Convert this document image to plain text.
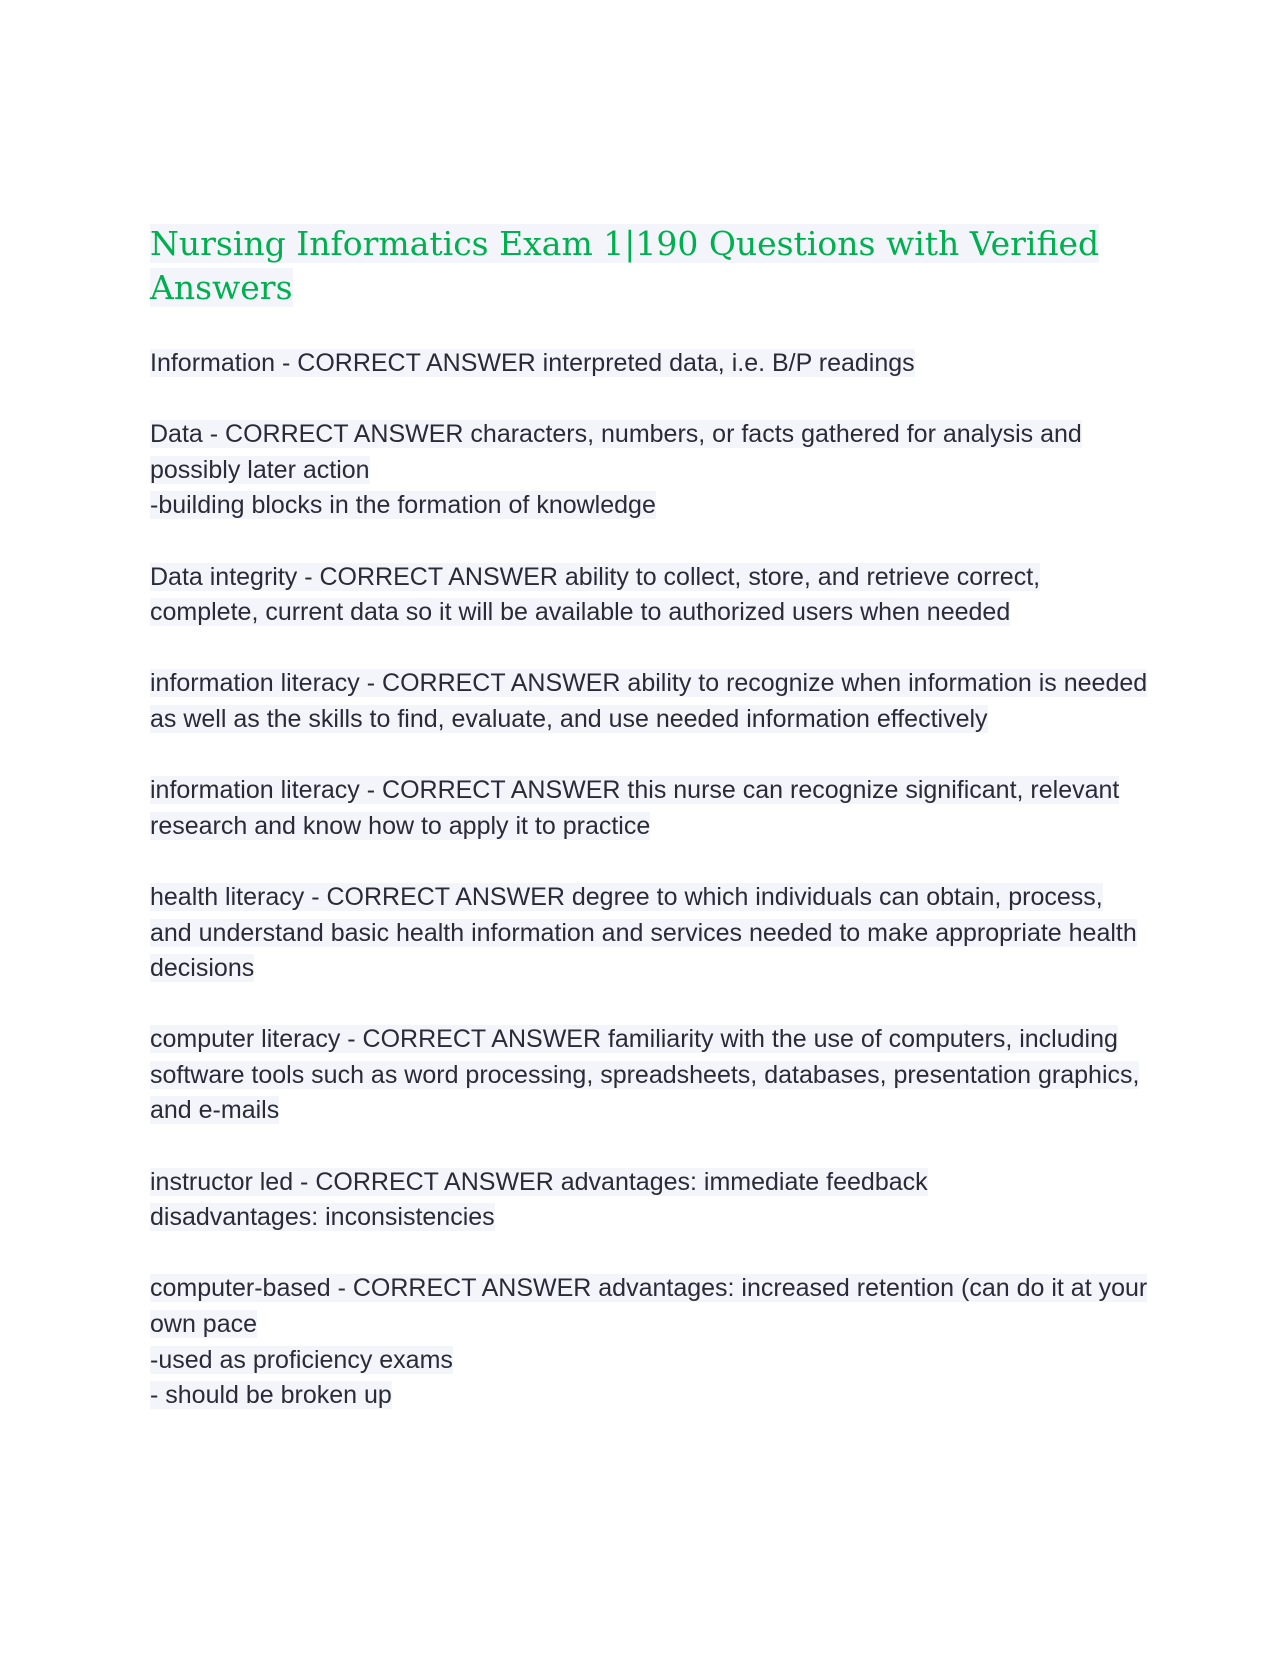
Nursing Informatics Exam 1|190 Questions with Verified Answers
Information - CORRECT ANSWER interpreted data, i.e. B/P readings
Data - CORRECT ANSWER characters, numbers, or facts gathered for analysis and possibly later action
-building blocks in the formation of knowledge
Data integrity - CORRECT ANSWER ability to collect, store, and retrieve correct, complete, current data so it will be available to authorized users when needed
information literacy - CORRECT ANSWER ability to recognize when information is needed as well as the skills to find, evaluate, and use needed information effectively
information literacy - CORRECT ANSWER this nurse can recognize significant, relevant research and know how to apply it to practice
health literacy - CORRECT ANSWER degree to which individuals can obtain, process, and understand basic health information and services needed to make appropriate health decisions
computer literacy - CORRECT ANSWER familiarity with the use of computers, including software tools such as word processing, spreadsheets, databases, presentation graphics, and e-mails
instructor led - CORRECT ANSWER advantages: immediate feedback
disadvantages: inconsistencies
computer-based - CORRECT ANSWER advantages: increased retention (can do it at your own pace
-used as proficiency exams
- should be broken up
